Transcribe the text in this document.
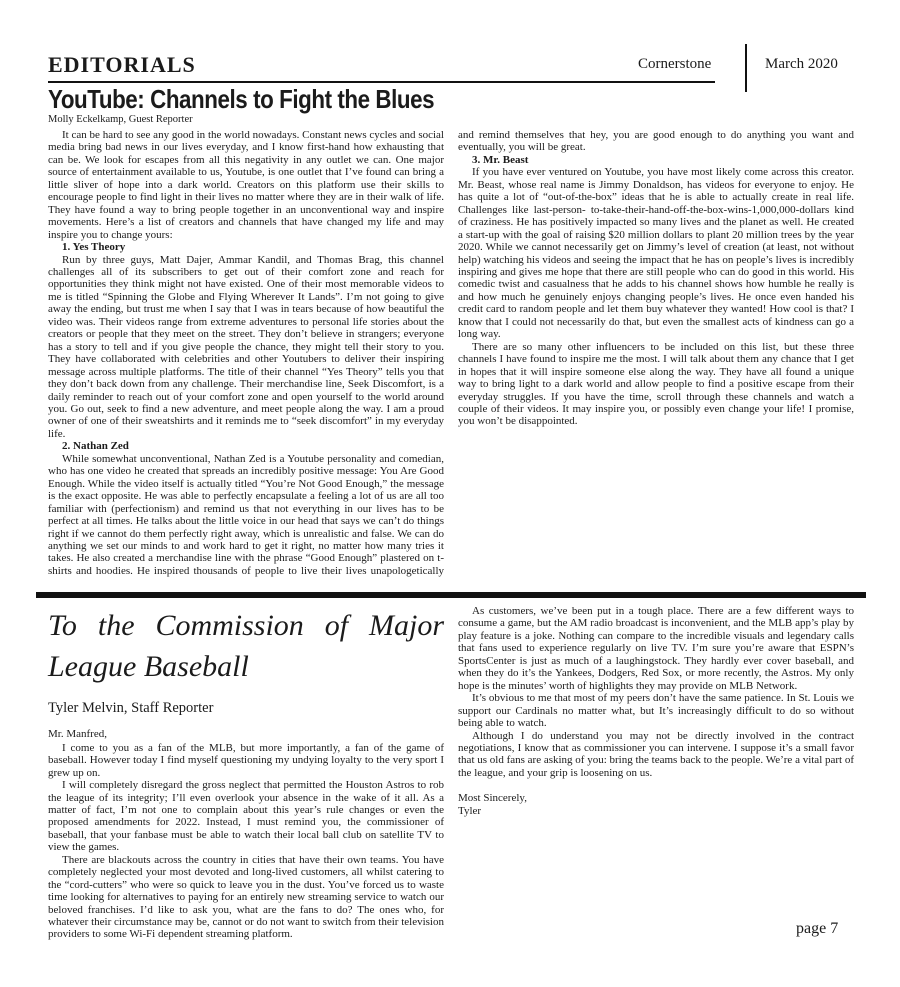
EDITORIALS	Cornerstone	March 2020
YouTube: Channels to Fight the Blues
Molly Eckelkamp, Guest Reporter

It can be hard to see any good in the world nowadays. Constant news cycles and social media bring bad news in our lives everyday, and I know first-hand how exhausting that can be. We look for escapes from all this negativity in any outlet we can. One major source of entertainment available to us, Youtube, is one outlet that I’ve found can bring a little sliver of hope into a dark world. Creators on this platform use their skills to encourage people to find light in their lives no matter where they are in their walk of life. They have found a way to bring people together in an unconventional way and inspire movements. Here’s a list of creators and channels that have changed my life and may inspire you to change yours:

1. Yes Theory

Run by three guys, Matt Dajer, Ammar Kandil, and Thomas Brag, this channel challenges all of its subscribers to get out of their comfort zone and reach for opportunities they think might not have existed. One of their most memorable videos to me is titled “Spinning the Globe and Flying Wherever It Lands”. I’m not going to give away the ending, but trust me when I say that I was in tears because of how beautiful the video was. Their videos range from extreme adventures to personal life stories about the creators or people that they meet on the street. They don’t believe in strangers; everyone has a story to tell and if you give people the chance, they might tell their story to you. They have collaborated with celebrities and other Youtubers to deliver their inspiring message across multiple platforms. The title of their channel “Yes Theory” tells you that they don’t back down from any challenge. Their merchandise line, Seek Discomfort, is a daily reminder to reach out of your comfort zone and open yourself to the world around you. Go out, seek to find a new adventure, and meet people along the way. I am a proud owner of one of their sweatshirts and it reminds me to “seek discomfort” in my everyday life.

2. Nathan Zed

While somewhat unconventional, Nathan Zed is a Youtube personality and comedian, who has one video he created that spreads an incredibly positive message: You Are Good Enough. While the video itself is actually titled “You’re Not Good Enough,” the message is the exact opposite. He was able to perfectly encapsulate a feeling a lot of us are all too familiar with (perfectionism) and remind us that not everything in our lives has to be perfect at all times. He talks about the little voice in our head that says we can’t do things right if we cannot do them perfectly right away, which is unrealistic and false. We can do anything we set our minds to and work hard to get it right, no matter how many tries it takes. He also created a merchandise line with the phrase “Good Enough” plastered on t-shirts and hoodies. He inspired thousands of people to live their lives unapologetically and remind themselves that hey, you are good enough to do anything you want and eventually, you will be great.

3. Mr. Beast

If you have ever ventured on Youtube, you have most likely come across this creator. Mr. Beast, whose real name is Jimmy Donaldson, has videos for everyone to enjoy. He has quite a lot of “out-of-the-box” ideas that he is able to actually create in real life. Challenges like last-person- to-take-their-hand-off-the-box-wins-1,000,000-dollars kind of craziness. He has positively impacted so many lives and the planet as well. He created a start-up with the goal of raising $20 million dollars to plant 20 million trees by the year 2020. While we cannot necessarily get on Jimmy’s level of creation (at least, not without help) watching his videos and seeing the impact that he has on people’s lives is incredibly inspiring and gives me hope that there are still people who can do good in this world. His comedic twist and casualness that he adds to his channel shows how humble he really is and how much he genuinely enjoys changing people’s lives. He once even handed his credit card to random people and let them buy whatever they wanted! How cool is that? I know that I could not necessarily do that, but even the smallest acts of kindness can go a long way.

There are so many other influencers to be included on this list, but these three channels I have found to inspire me the most. I will talk about them any chance that I get in hopes that it will inspire someone else along the way. They have all found a unique way to bring light to a dark world and allow people to find a positive escape from their everyday struggles. If you have the time, scroll through these channels and watch a couple of their videos. It may inspire you, or possibly even change your life! I promise, you won’t be disappointed.

To the Commission of Major League Baseball
Tyler Melvin, Staff Reporter

Mr. Manfred,

I come to you as a fan of the MLB, but more importantly, a fan of the game of baseball. However today I find myself questioning my undying loyalty to the very sport I grew up on.

I will completely disregard the gross neglect that permitted the Houston Astros to rob the league of its integrity; I’ll even overlook your absence in the wake of it all. As a matter of fact, I’m not one to complain about this year’s rule changes or even the proposed amendments for 2022. Instead, I must remind you, the commissioner of baseball, that your fanbase must be able to watch their local ball club on satellite TV to view the games.

There are blackouts across the country in cities that have their own teams. You have completely neglected your most devoted and long-lived customers, all whilst catering to the “cord-cutters” who were so quick to leave you in the dust. You’ve forced us to waste time looking for alternatives to paying for an entirely new streaming service to watch our beloved franchises. I’d like to ask you, what are the fans to do? The ones who, for whatever their circumstance may be, cannot or do not want to switch from their television providers to some Wi-Fi dependent streaming platform.

As customers, we’ve been put in a tough place. There are a few different ways to consume a game, but the AM radio broadcast is inconvenient, and the MLB app’s play by play feature is a joke. Nothing can compare to the incredible visuals and legendary calls that fans used to experience regularly on live TV. I’m sure you’re aware that ESPN’s SportsCenter is just as much of a laughingstock. They hardly ever cover baseball, and when they do it’s the Yankees, Dodgers, Red Sox, or more recently, the Astros. My only hope is the minutes’ worth of highlights they may provide on MLB Network.

It’s obvious to me that most of my peers don’t have the same patience. In St. Louis we support our Cardinals no matter what, but It’s increasingly difficult to do so without being able to watch.

Although I do understand you may not be directly involved in the contract negotiations, I know that as commissioner you can intervene. I suppose it’s a small favor that us old fans are asking of you: bring the teams back to the people. We’re a vital part of the league, and your grip is loosening on us.

Most Sincerely,
Tyler
page 7
